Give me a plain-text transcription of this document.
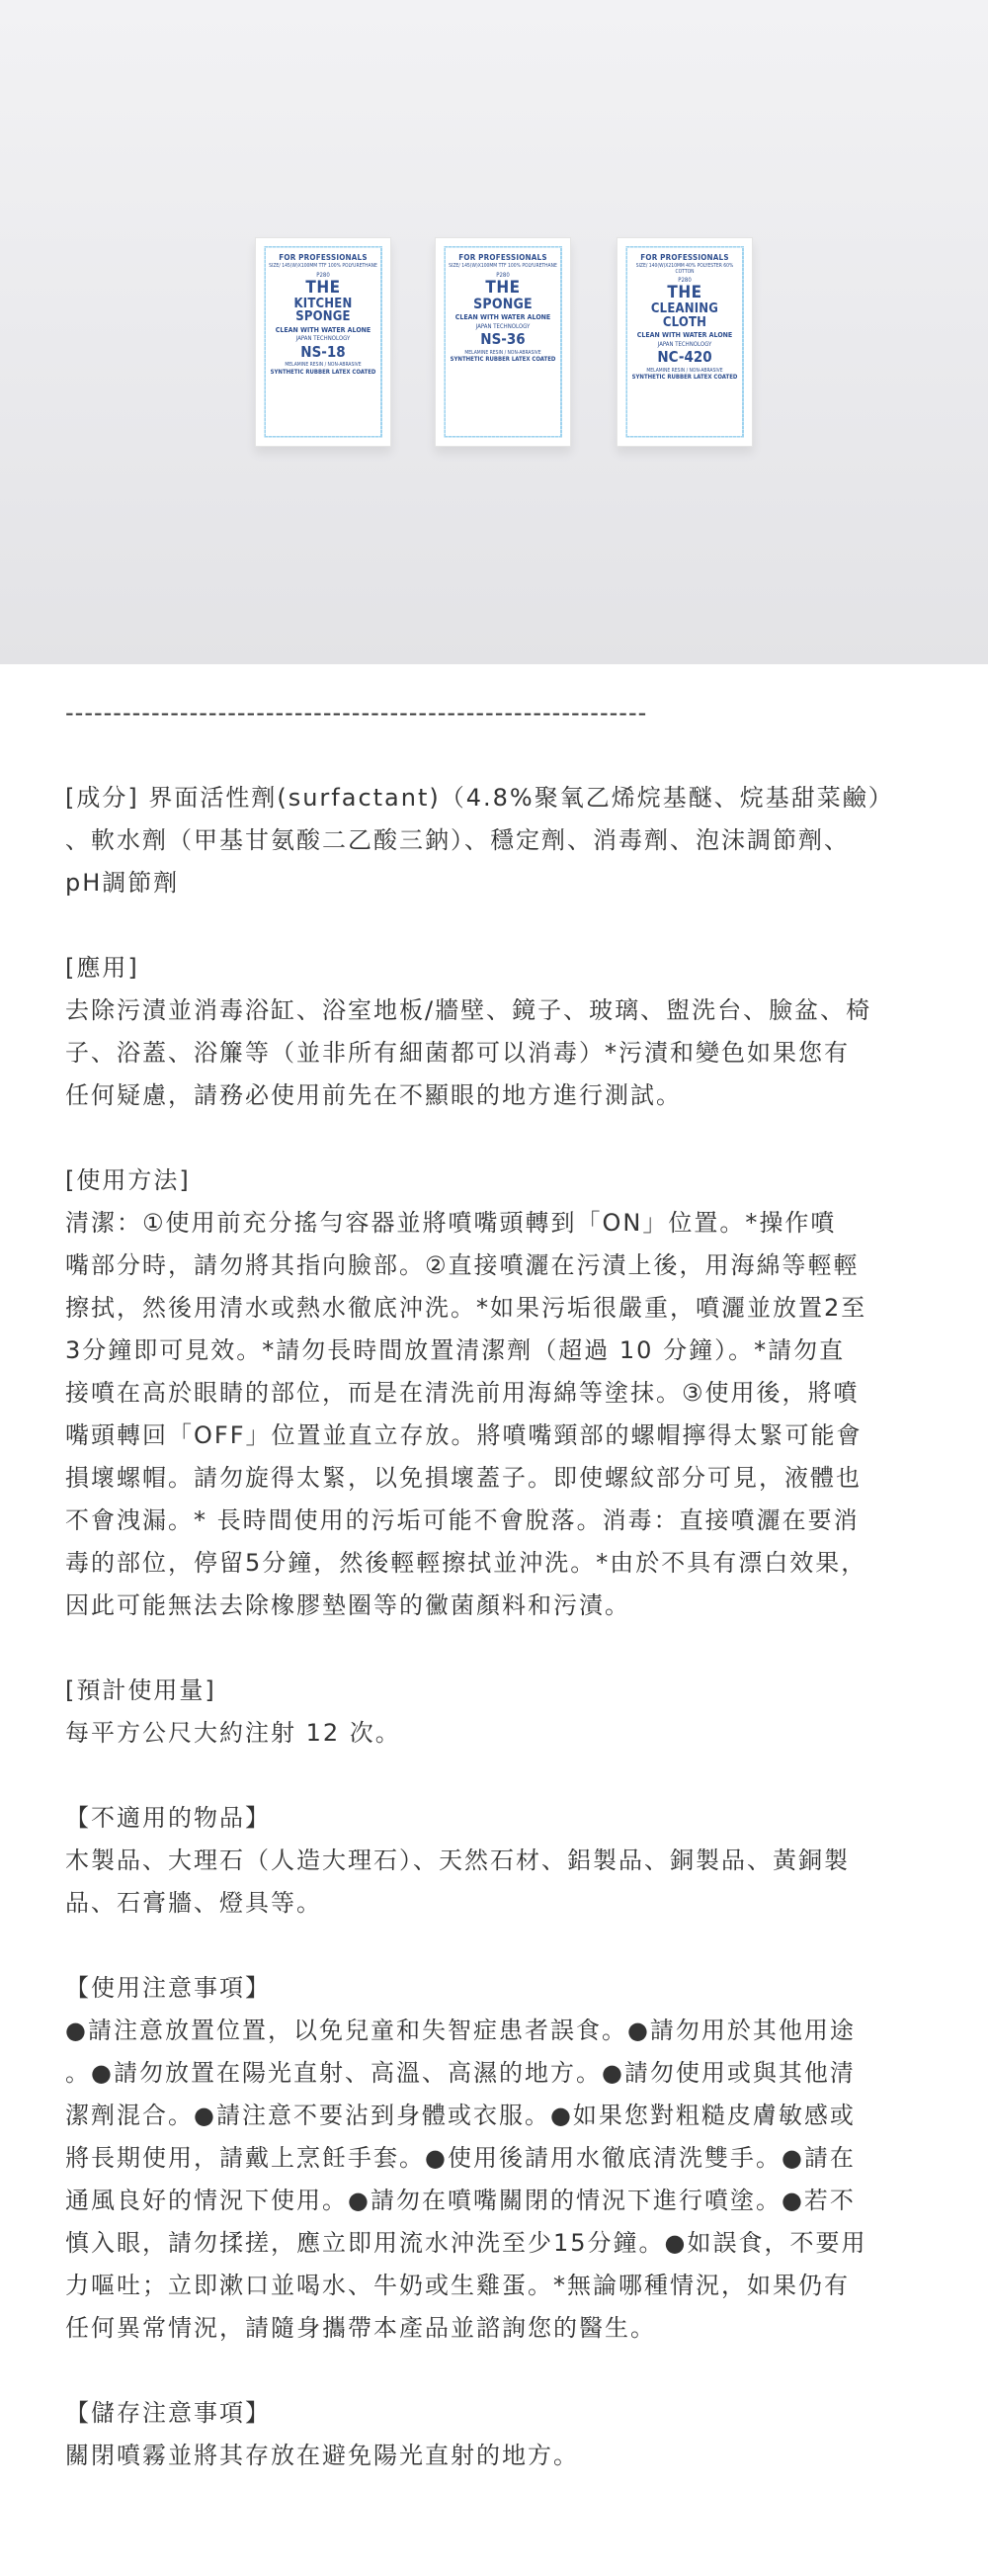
FOR PROFESSIONALS
SIZE/ 145(W)X100MM TTF 100% POLYURETHANE
P280
THE
KITCHEN SPONGE
CLEAN WITH WATER ALONE
JAPAN TECHNOLOGY
NS-18
MELAMINE RESIN / NON-ABRASIVE
SYNTHETIC RUBBER LATEX COATED
FOR PROFESSIONALS
SIZE/ 145(W)X100MM TTF 100% POLYURETHANE
P280
THE
SPONGE
CLEAN WITH WATER ALONE
JAPAN TECHNOLOGY
NS-36
MELAMINE RESIN / NON-ABRASIVE
SYNTHETIC RUBBER LATEX COATED
FOR PROFESSIONALS
SIZE/ 140(W)X210MM 40% POLYESTER 60% COTTON
P280
THE
CLEANING CLOTH
CLEAN WITH WATER ALONE
JAPAN TECHNOLOGY
NC-420
MELAMINE RESIN / NON-ABRASIVE
SYNTHETIC RUBBER LATEX COATED
-------------------------------------------------------------
[成分] 界面活性劑(surfactant)（4.8%聚氧乙烯烷基醚、烷基甜菜鹼）
、軟水劑（甲基甘氨酸二乙酸三鈉）、穩定劑、消毒劑、泡沫調節劑、
pH調節劑
[應用]
去除污漬並消毒浴缸、浴室地板/牆壁、鏡子、玻璃、盥洗台、臉盆、椅
子、浴蓋、浴簾等（並非所有細菌都可以消毒）*污漬和變色如果您有
任何疑慮，請務必使用前先在不顯眼的地方進行測試。
[使用方法]
清潔：①使用前充分搖勻容器並將噴嘴頭轉到「ON」位置。*操作噴
嘴部分時，請勿將其指向臉部。②直接噴灑在污漬上後，用海綿等輕輕
擦拭，然後用清水或熱水徹底沖洗。*如果污垢很嚴重，噴灑並放置2至
3分鐘即可見效。*請勿長時間放置清潔劑（超過 10 分鐘）。*請勿直
接噴在高於眼睛的部位，而是在清洗前用海綿等塗抹。③使用後，將噴
嘴頭轉回「OFF」位置並直立存放。將噴嘴頸部的螺帽擰得太緊可能會
損壞螺帽。請勿旋得太緊，以免損壞蓋子。即使螺紋部分可見，液體也
不會洩漏。* 長時間使用的污垢可能不會脫落。消毒：直接噴灑在要消
毒的部位，停留5分鐘，然後輕輕擦拭並沖洗。*由於不具有漂白效果，
因此可能無法去除橡膠墊圈等的黴菌顏料和污漬。
[預計使用量]
每平方公尺大約注射 12 次。
【不適用的物品】
木製品、大理石（人造大理石）、天然石材、鋁製品、銅製品、黃銅製
品、石膏牆、燈具等。
【使用注意事項】
●請注意放置位置，以免兒童和失智症患者誤食。●請勿用於其他用途
。●請勿放置在陽光直射、高溫、高濕的地方。●請勿使用或與其他清
潔劑混合。●請注意不要沾到身體或衣服。●如果您對粗糙皮膚敏感或
將長期使用，請戴上烹飪手套。●使用後請用水徹底清洗雙手。●請在
通風良好的情況下使用。●請勿在噴嘴關閉的情況下進行噴塗。●若不
慎入眼，請勿揉搓，應立即用流水沖洗至少15分鐘。●如誤食，不要用
力嘔吐；立即漱口並喝水、牛奶或生雞蛋。*無論哪種情況，如果仍有
任何異常情況，請隨身攜帶本產品並諮詢您的醫生。
【儲存注意事項】
關閉噴霧並將其存放在避免陽光直射的地方。
